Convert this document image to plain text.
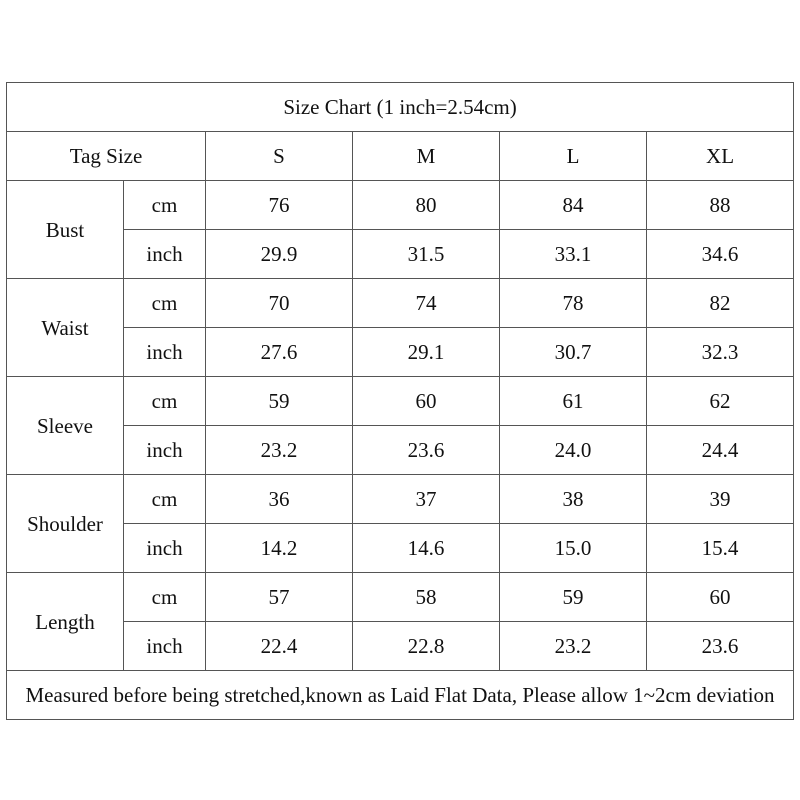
Size Chart (1 inch=2.54cm)					
Tag Size		S	M	L	XL
Bust	cm	76	80	84	88
	inch	29.9	31.5	33.1	34.6
Waist	cm	70	74	78	82
	inch	27.6	29.1	30.7	32.3
Sleeve	cm	59	60	61	62
	inch	23.2	23.6	24.0	24.4
Shoulder	cm	36	37	38	39
	inch	14.2	14.6	15.0	15.4
Length	cm	57	58	59	60
	inch	22.4	22.8	23.2	23.6
Measured before being stretched,known as Laid Flat Data, Please allow 1~2cm deviation					
